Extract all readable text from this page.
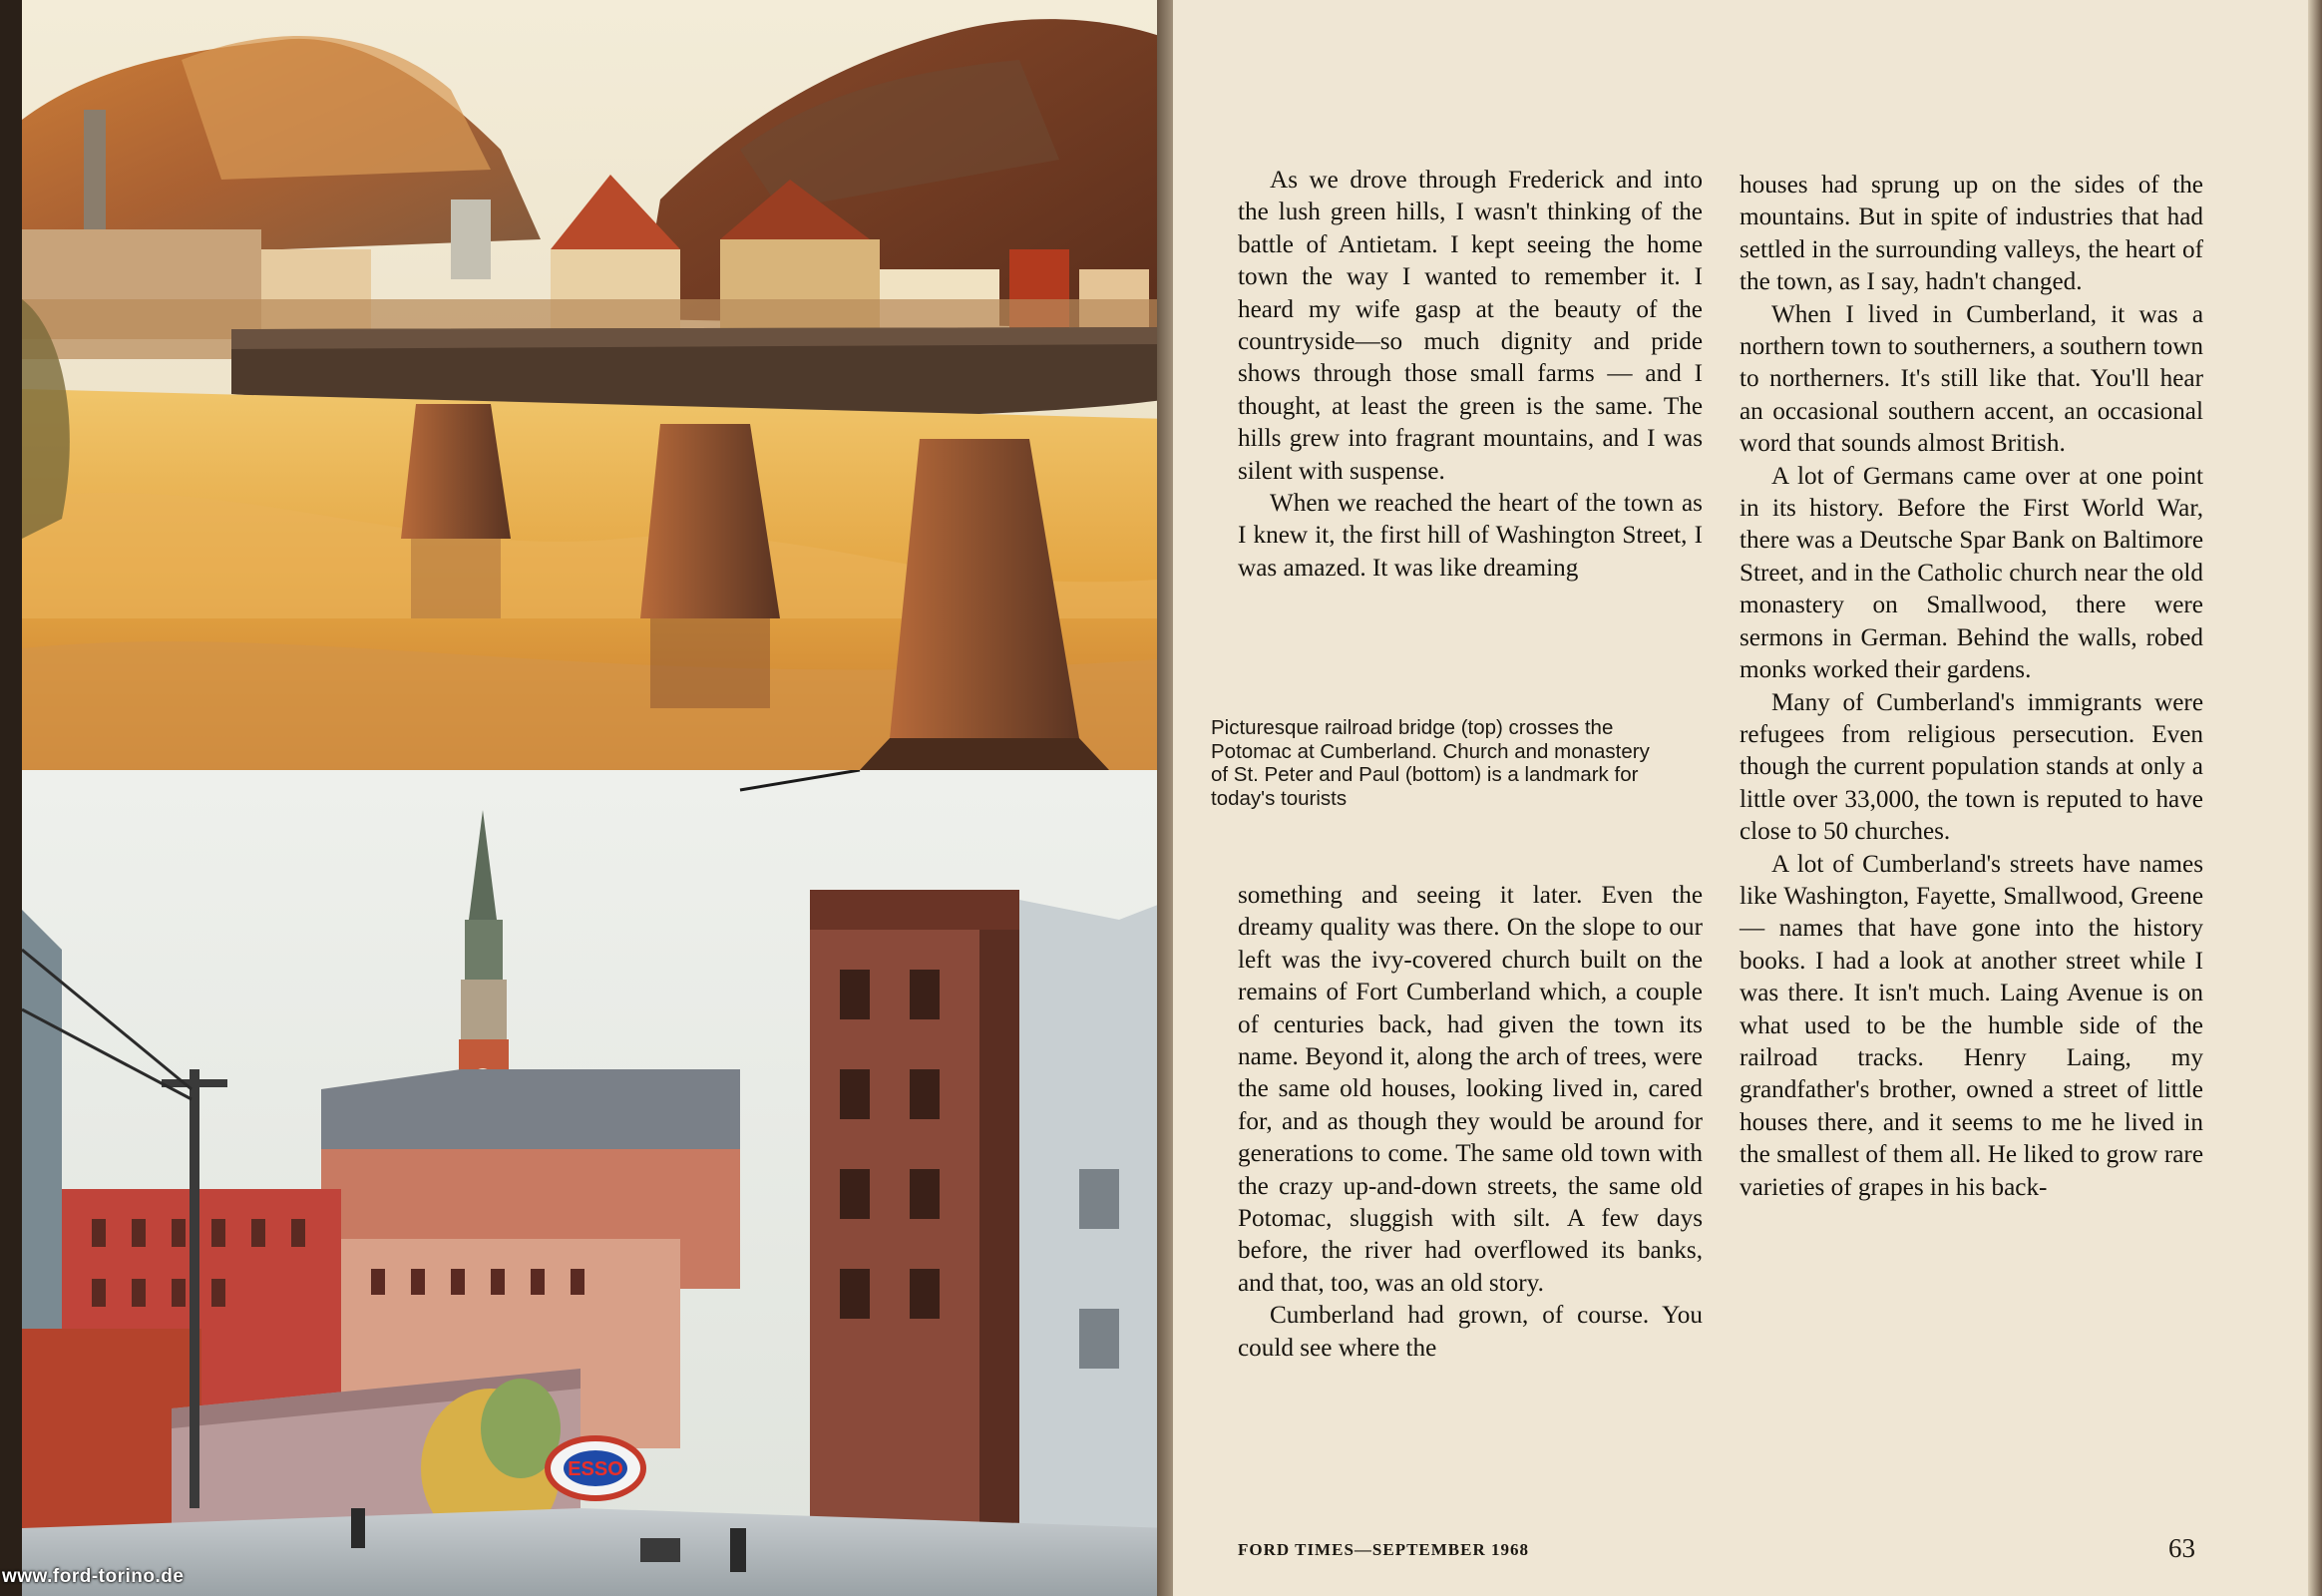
ESSO
www.ford-torino.de
Picturesque railroad bridge (top) crosses the Potomac at Cumberland. Church and monastery of St. Peter and Paul (bottom) is a landmark for today's tourists

As we drove through Frederick and into the lush green hills, I wasn't thinking of the battle of Antietam. I kept seeing the home town the way I wanted to remember it. I heard my wife gasp at the beauty of the countryside—so much dignity and pride shows through those small farms — and I thought, at least the green is the same. The hills grew into fragrant mountains, and I was silent with suspense.

When we reached the heart of the town as I knew it, the first hill of Washington Street, I was amazed. It was like dreaming

something and seeing it later. Even the dreamy quality was there. On the slope to our left was the ivy-covered church built on the remains of Fort Cumberland which, a couple of centuries back, had given the town its name. Beyond it, along the arch of trees, were the same old houses, looking lived in, cared for, and as though they would be around for generations to come. The same old town with the crazy up-and-down streets, the same old Potomac, sluggish with silt. A few days before, the river had overflowed its banks, and that, too, was an old story.

Cumberland had grown, of course. You could see where the

houses had sprung up on the sides of the mountains. But in spite of industries that had settled in the surrounding valleys, the heart of the town, as I say, hadn't changed.

When I lived in Cumberland, it was a northern town to southerners, a southern town to northerners. It's still like that. You'll hear an occasional southern accent, an occasional word that sounds almost British.

A lot of Germans came over at one point in its history. Before the First World War, there was a Deutsche Spar Bank on Baltimore Street, and in the Catholic church near the old monastery on Smallwood, there were sermons in German. Behind the walls, robed monks worked their gardens.

Many of Cumberland's immigrants were refugees from religious persecution. Even though the current population stands at only a little over 33,000, the town is reputed to have close to 50 churches.

A lot of Cumberland's streets have names like Washington, Fayette, Smallwood, Greene — names that have gone into the history books. I had a look at another street while I was there. It isn't much. Laing Avenue is on what used to be the humble side of the railroad tracks. Henry Laing, my grandfather's brother, owned a street of little houses there, and it seems to me he lived in the smallest of them all. He liked to grow rare varieties of grapes in his back-

FORD TIMES—SEPTEMBER 1968	63
